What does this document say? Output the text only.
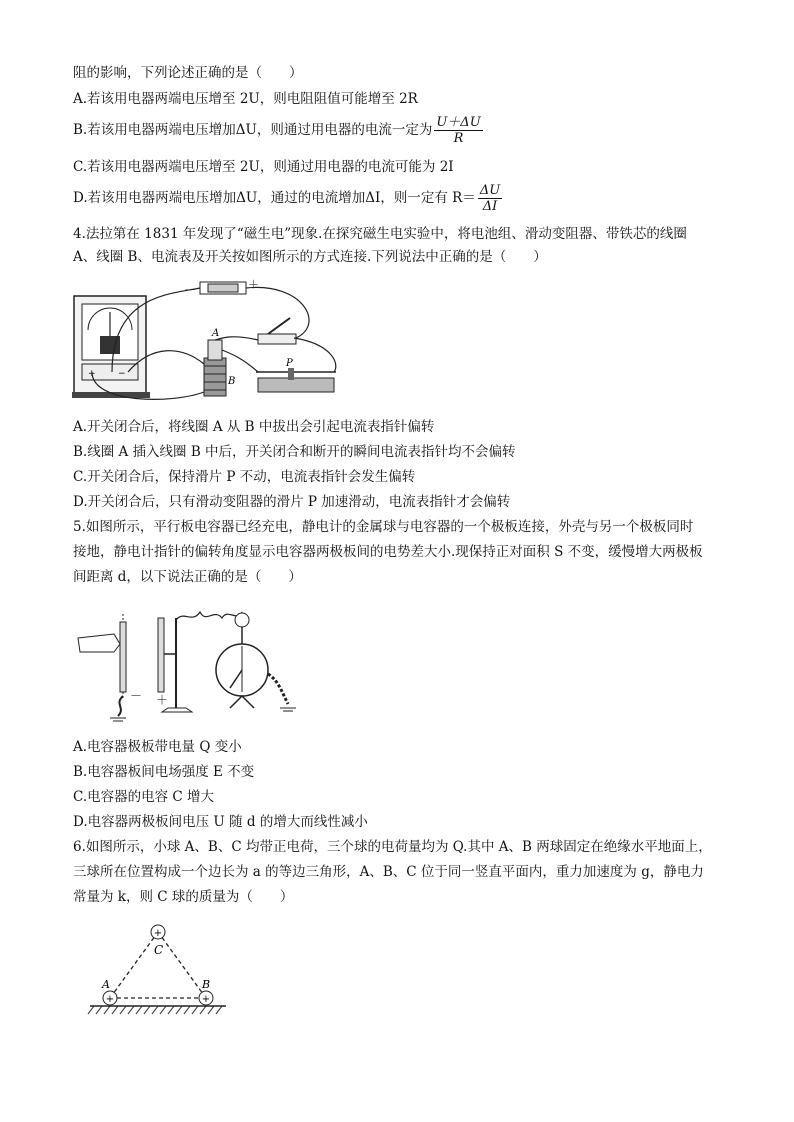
阻的影响，下列论述正确的是（　　）
A.若该用电器两端电压增至 2U，则电阻阻值可能增至 2R
B.若该用电器两端电压增加ΔU，则通过用电器的电流一定为 $\frac{U+\Delta U}{R}$
C.若该用电器两端电压增至 2U，则通过用电器的电流可能为 2I
D.若该用电器两端电压增加ΔU，通过的电流增加ΔI，则一定有 $R= \frac{\Delta U}{\Delta I}$
4.法拉第在 1831 年发现了“磁生电”现象.在探究磁生电实验中，将电池组、滑动变阻器、带铁芯的线圈
A、线圈 B、电流表及开关按如图所示的方式连接.下列说法中正确的是（　　）
+ −
－	＋
A
B
P
A.开关闭合后，将线圈 A 从 B 中拔出会引起电流表指针偏转
B.线圈 A 插入线圈 B 中后，开关闭合和断开的瞬间电流表指针均不会偏转
C.开关闭合后，保持滑片 P 不动，电流表指针会发生偏转
D.开关闭合后，只有滑动变阻器的滑片 P 加速滑动，电流表指针才会偏转
5.如图所示，平行板电容器已经充电，静电计的金属球与电容器的一个极板连接，外壳与另一个极板同时
接地，静电计指针的偏转角度显示电容器两极板间的电势差大小.现保持正对面积 S 不变，缓慢增大两极板
间距离 d，以下说法正确的是（　　）
－ ＋
A.电容器极板带电量 Q 变小
B.电容器板间电场强度 E 不变
C.电容器的电容 C 增大
D.电容器两极板间电压 U 随 d 的增大而线性减小
6.如图所示，小球 A、B、C 均带正电荷，三个球的电荷量均为 Q.其中 A、B 两球固定在绝缘水平地面上，
三球所在位置构成一个边长为 a 的等边三角形，A、B、C 位于同一竖直平面内，重力加速度为 g，静电力
常量为 k，则 C 球的质量为（　　）
+
C
+
A
+
B
